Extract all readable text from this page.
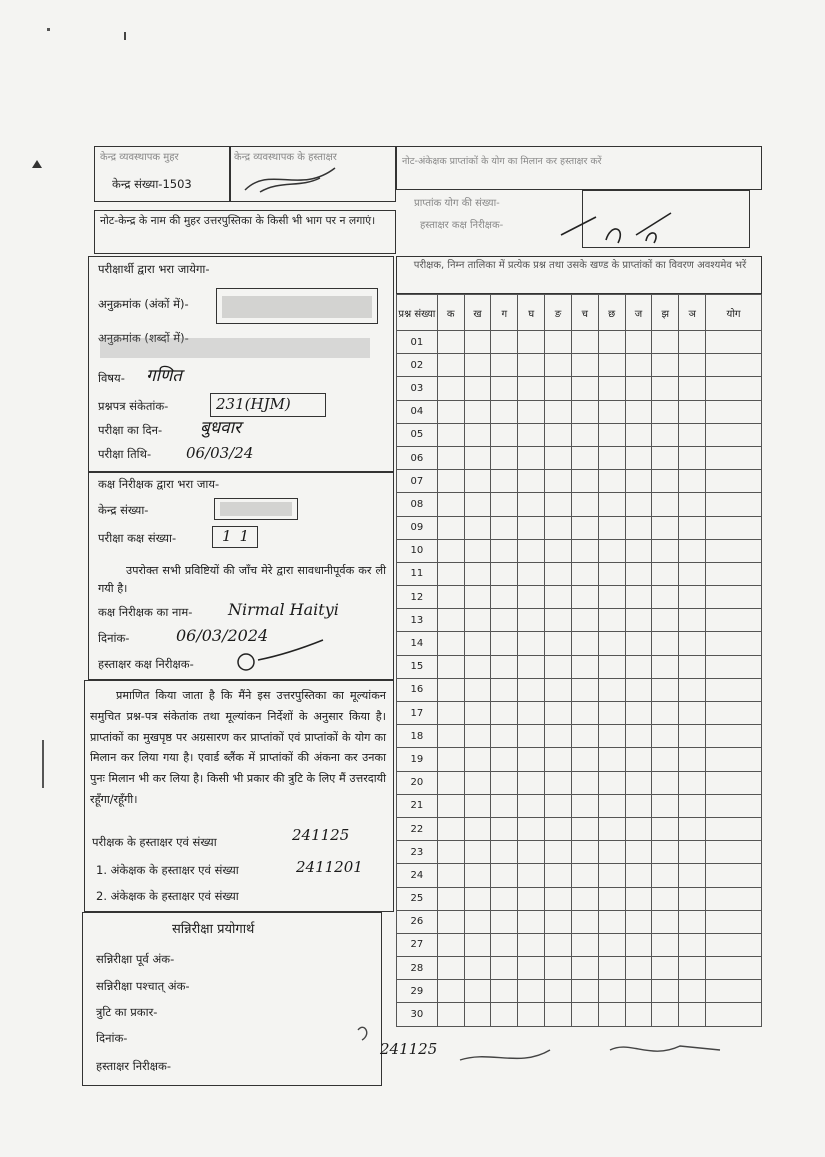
केन्द्र व्यवस्थापक मुहर
केन्द्र संख्या-1503
केन्द्र व्यवस्थापक के हस्ताक्षर	नोट-अंकेक्षक प्राप्तांकों के योग का मिलान कर हस्ताक्षर करें
नोट-केन्द्र के नाम की मुहर उत्तरपुस्तिका के किसी भी भाग पर न लगाएं।
प्राप्तांक योग की संख्या-
हस्ताक्षर कक्ष निरीक्षक-
परीक्षार्थी द्वारा भरा जायेगा-
अनुक्रमांक (अंकों में)-
अनुक्रमांक (शब्दों में)-
विषय- गणित
प्रश्नपत्र संकेतांक-	231(HJM)
परीक्षा का दिन- बुधवार
परीक्षा तिथि- 06/03/24
कक्ष निरीक्षक द्वारा भरा जाय-
केन्द्र संख्या-
परीक्षा कक्ष संख्या-	11
उपरोक्त सभी प्रविष्टियों की जाँच मेरे द्वारा सावधानीपूर्वक कर ली गयी है।
कक्ष निरीक्षक का नाम- Nirmal Haityi
दिनांक-	06/03/2024
हस्ताक्षर कक्ष निरीक्षक-
प्रमाणित किया जाता है कि मैंने इस उत्तरपुस्तिका का मूल्यांकन समुचित प्रश्न-पत्र संकेतांक तथा मूल्यांकन निर्देशों के अनुसार किया है। प्राप्तांकों का मुखपृष्ठ पर अग्रसारण कर प्राप्तांकों एवं प्राप्तांकों के योग का मिलान कर लिया गया है। एवार्ड ब्लैंक में प्राप्तांकों की अंकना कर उनका पुनः मिलान भी कर लिया है। किसी भी प्रकार की त्रुटि के लिए मैं उत्तरदायी रहूँगा/रहूँगी।
परीक्षक के हस्ताक्षर एवं संख्या	241125
1. अंकेक्षक के हस्ताक्षर एवं संख्या	2411201
2. अंकेक्षक के हस्ताक्षर एवं संख्या
सन्निरीक्षा प्रयोगार्थ
सन्निरीक्षा पूर्व अंक-
सन्निरीक्षा पश्चात् अंक-
त्रुटि का प्रकार-
दिनांक-
हस्ताक्षर निरीक्षक-
241125
परीक्षक, निम्न तालिका में प्रत्येक प्रश्न तथा उसके खण्ड के प्राप्तांकों का विवरण अवश्यमेव भरें
प्रश्न संख्या	क	ख	ग	घ	ङ	च	छ	ज	झ	ञ	योग
01											
02											
03											
04											
05											
06											
07											
08											
09											
10											
11											
12											
13											
14											
15											
16											
17											
18											
19											
20											
21											
22											
23											
24											
25											
26											
27											
28											
29											
30											
